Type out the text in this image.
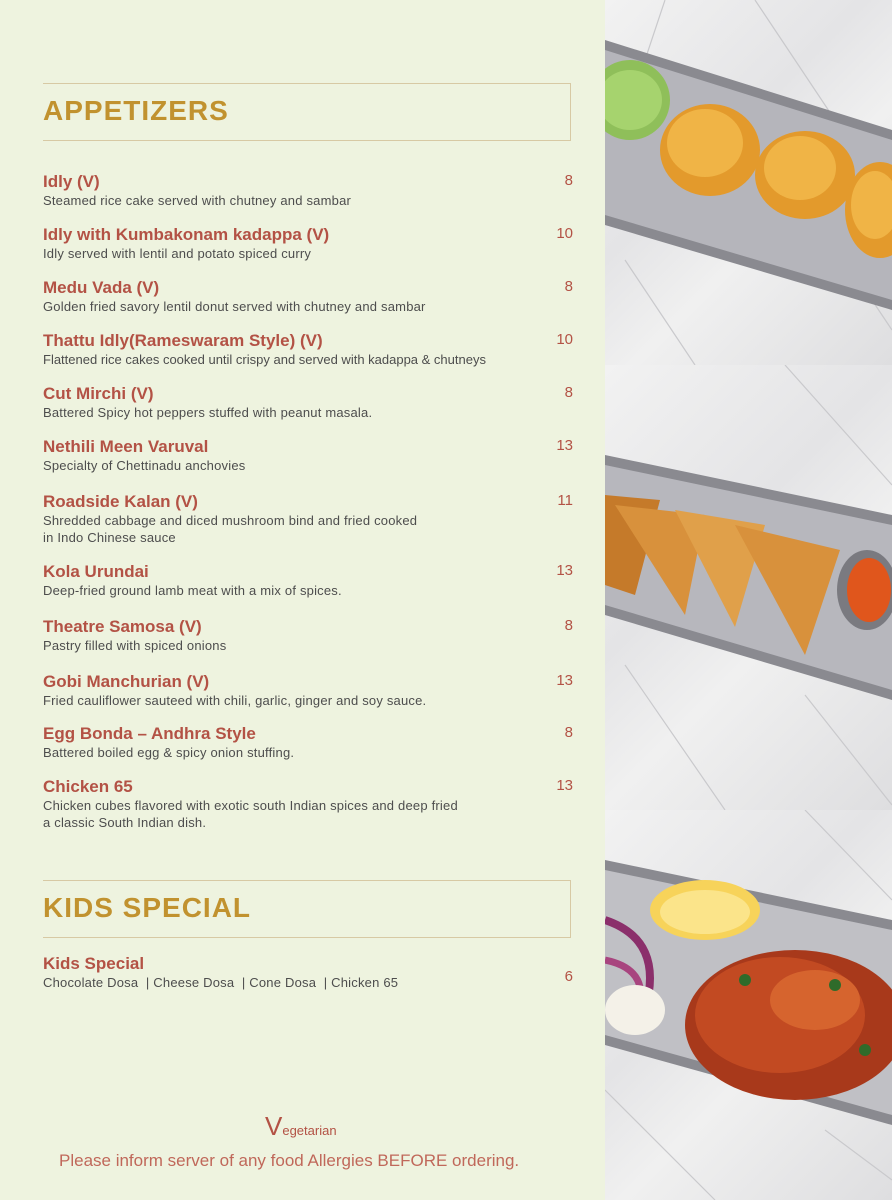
APPETIZERS
Idly (V)
Steamed rice cake served with chutney and sambar
8
Idly with Kumbakonam kadappa (V)
Idly served with lentil and potato spiced curry
10
Medu Vada (V)
Golden fried savory lentil donut served with chutney and sambar
8
Thattu Idly(Rameswaram Style) (V)
Flattened rice cakes cooked until crispy and served with kadappa & chutneys
10
Cut Mirchi (V)
Battered Spicy hot peppers stuffed with peanut masala.
8
Nethili Meen Varuval
Specialty of Chettinadu anchovies
13
Roadside Kalan (V)
Shredded cabbage and diced mushroom bind and fried cooked
in Indo Chinese sauce
11
Kola Urundai
Deep-fried ground lamb meat with a mix of spices.
13
Theatre Samosa (V)
Pastry filled with spiced onions
8
Gobi Manchurian (V)
Fried cauliflower sauteed with chili, garlic, ginger and soy sauce.
13
Egg Bonda – Andhra Style
Battered boiled egg & spicy onion stuffing.
8
Chicken 65
Chicken cubes flavored with exotic south Indian spices and deep fried
a classic South Indian dish.
13
KIDS SPECIAL
Kids Special
Chocolate Dosa  | Cheese Dosa  | Cone Dosa  | Chicken 65	6
Vegetarian
Please inform server of any food Allergies BEFORE ordering.
